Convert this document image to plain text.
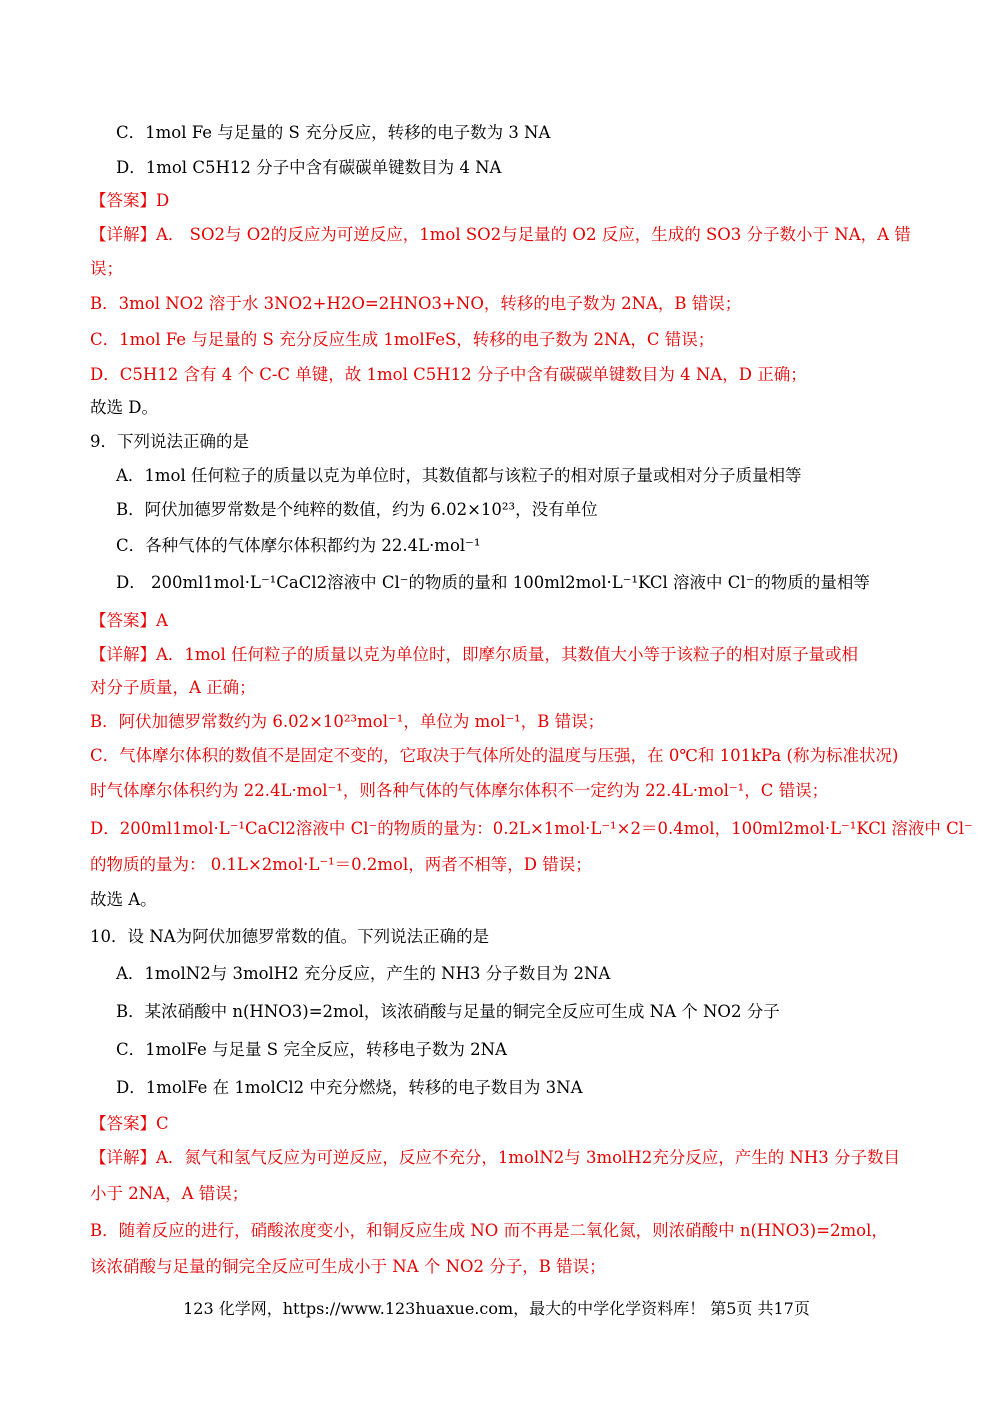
C．1mol Fe 与足量的 S 充分反应，转移的电子数为 3 NA
D．1mol C5H12 分子中含有碳碳单键数目为 4 NA
【答案】D
【详解】A． SO2与 O2的反应为可逆反应，1mol SO2与足量的 O2 反应，生成的 SO3 分子数小于 NA，A 错
误；
B．3mol NO2 溶于水 3NO2+H2O=2HNO3+NO，转移的电子数为 2NA，B 错误；
C．1mol Fe 与足量的 S 充分反应生成 1molFeS，转移的电子数为 2NA，C 错误；
D．C5H12 含有 4 个 C-C 单键，故 1mol C5H12 分子中含有碳碳单键数目为 4 NA，D 正确；
故选 D。
9．下列说法正确的是
A．1mol 任何粒子的质量以克为单位时，其数值都与该粒子的相对原子量或相对分子质量相等
B．阿伏加德罗常数是个纯粹的数值，约为 6.02×10²³，没有单位
C．各种气体的气体摩尔体积都约为 22.4L·mol⁻¹
D． 200ml1mol·L⁻¹CaCl2溶液中 Cl⁻的物质的量和 100ml2mol·L⁻¹KCl 溶液中 Cl⁻的物质的量相等
【答案】A
【详解】A．1mol 任何粒子的质量以克为单位时，即摩尔质量，其数值大小等于该粒子的相对原子量或相
对分子质量，A 正确；
B．阿伏加德罗常数约为 6.02×10²³mol⁻¹，单位为 mol⁻¹，B 错误；
C．气体摩尔体积的数值不是固定不变的，它取决于气体所处的温度与压强，在 0℃和 101kPa (称为标准状况)
时气体摩尔体积约为 22.4L·mol⁻¹，则各种气体的气体摩尔体积不一定约为 22.4L·mol⁻¹，C 错误；
D．200ml1mol·L⁻¹CaCl2溶液中 Cl⁻的物质的量为：0.2L×1mol·L⁻¹×2＝0.4mol，100ml2mol·L⁻¹KCl 溶液中 Cl⁻
的物质的量为： 0.1L×2mol·L⁻¹＝0.2mol，两者不相等，D 错误；
故选 A。
10．设 NA为阿伏加德罗常数的值。下列说法正确的是
A．1molN2与 3molH2 充分反应，产生的 NH3 分子数目为 2NA
B．某浓硝酸中 n(HNO3)=2mol，该浓硝酸与足量的铜完全反应可生成 NA 个 NO2 分子
C．1molFe 与足量 S 完全反应，转移电子数为 2NA
D．1molFe 在 1molCl2 中充分燃烧，转移的电子数目为 3NA
【答案】C
【详解】A．氮气和氢气反应为可逆反应，反应不充分，1molN2与 3molH2充分反应，产生的 NH3 分子数目
小于 2NA，A 错误；
B．随着反应的进行，硝酸浓度变小，和铜反应生成 NO 而不再是二氧化氮，则浓硝酸中 n(HNO3)=2mol，
该浓硝酸与足量的铜完全反应可生成小于 NA 个 NO2 分子，B 错误；
123 化学网，https://www.123huaxue.com，最大的中学化学资料库！ 第5页 共17页
